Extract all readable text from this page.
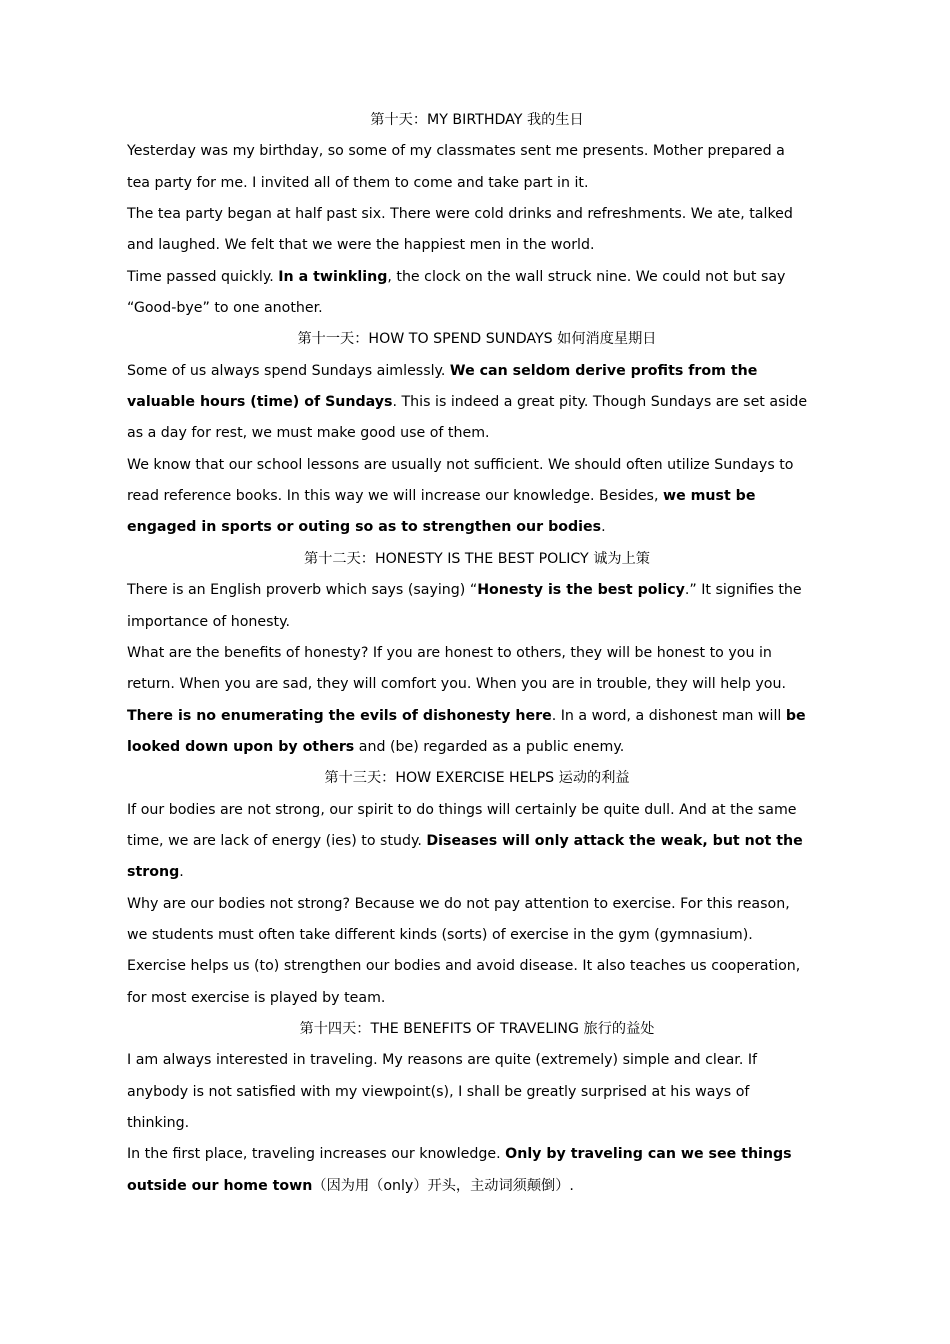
第十天：MY BIRTHDAY 我的生日
Yesterday was my birthday, so some of my classmates sent me presents. Mother prepared a
tea party for me. I invited all of them to come and take part in it.
The tea party began at half past six. There were cold drinks and refreshments. We ate, talked
and laughed. We felt that we were the happiest men in the world.
Time passed quickly. In a twinkling, the clock on the wall struck nine. We could not but say
“Good-bye” to one another.
第十一天：HOW TO SPEND SUNDAYS 如何消度星期日
Some of us always spend Sundays aimlessly. We can seldom derive profits from the
valuable hours (time) of Sundays. This is indeed a great pity. Though Sundays are set aside
as a day for rest, we must make good use of them.
We know that our school lessons are usually not sufficient. We should often utilize Sundays to
read reference books. In this way we will increase our knowledge. Besides, we must be
engaged in sports or outing so as to strengthen our bodies.
第十二天：HONESTY IS THE BEST POLICY 诚为上策
There is an English proverb which says (saying) “Honesty is the best policy.” It signifies the
importance of honesty.
What are the benefits of honesty? If you are honest to others, they will be honest to you in
return. When you are sad, they will comfort you. When you are in trouble, they will help you.
There is no enumerating the evils of dishonesty here. In a word, a dishonest man will be
looked down upon by others and (be) regarded as a public enemy.
第十三天：HOW EXERCISE HELPS 运动的利益
If our bodies are not strong, our spirit to do things will certainly be quite dull. And at the same
time, we are lack of energy (ies) to study. Diseases will only attack the weak, but not the
strong.
Why are our bodies not strong? Because we do not pay attention to exercise. For this reason,
we students must often take different kinds (sorts) of exercise in the gym (gymnasium).
Exercise helps us (to) strengthen our bodies and avoid disease. It also teaches us cooperation,
for most exercise is played by team.
第十四天：THE BENEFITS OF TRAVELING 旅行的益处
I am always interested in traveling. My reasons are quite (extremely) simple and clear. If
anybody is not satisfied with my viewpoint(s), I shall be greatly surprised at his ways of
thinking.
In the first place, traveling increases our knowledge. Only by traveling can we see things
outside our home town（因为用（only）开头，主动词须颠倒）.
